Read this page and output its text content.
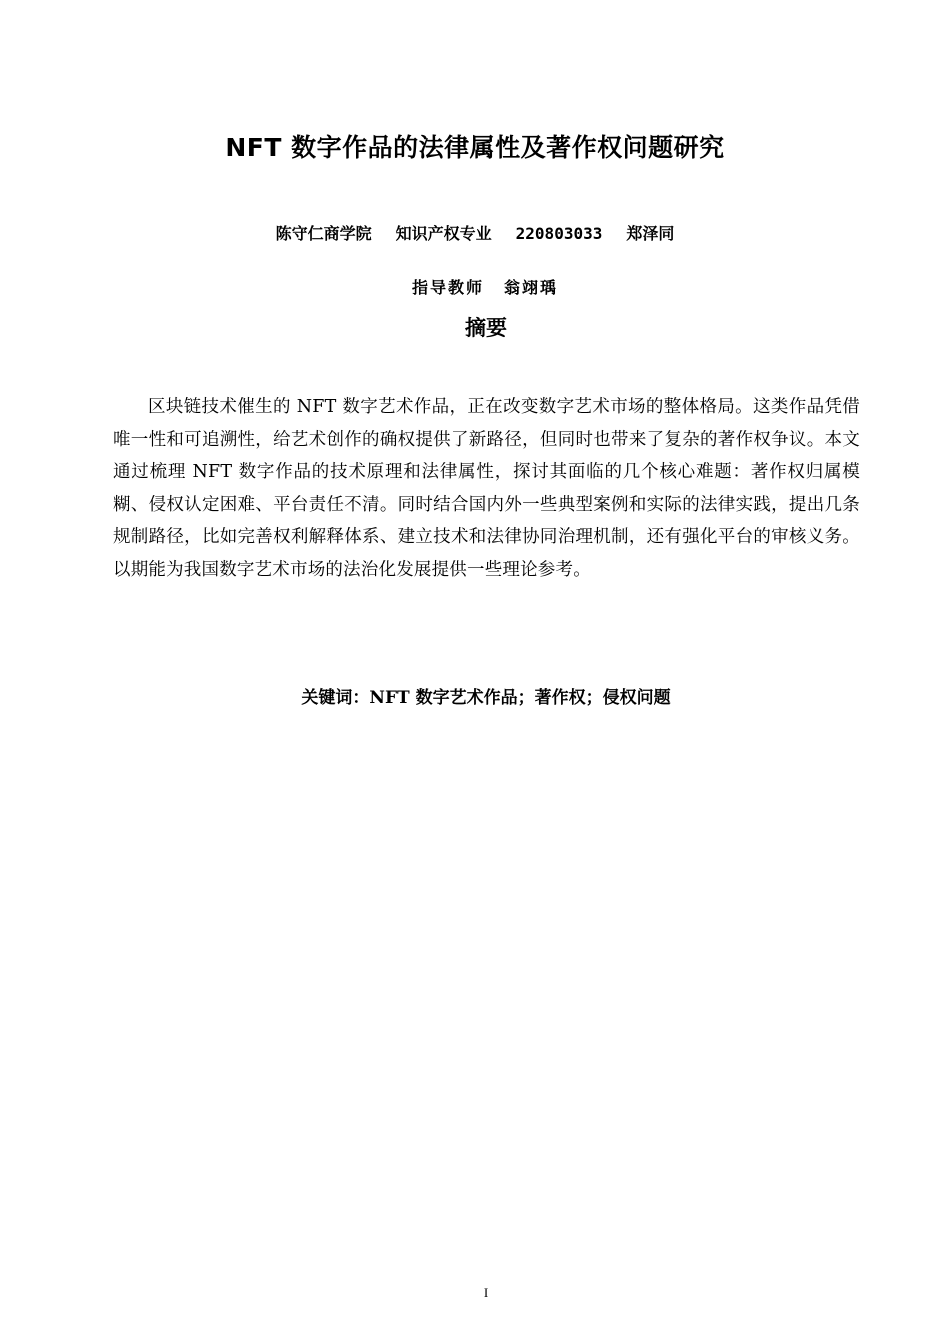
NFT 数字作品的法律属性及著作权问题研究
陈守仁商学院 知识产权专业 220803033 郑泽同
指导教师 翁翊瑀
摘要
区块链技术催生的 NFT 数字艺术作品，正在改变数字艺术市场的整体格局。这类作品凭借唯一性和可追溯性，给艺术创作的确权提供了新路径，但同时也带来了复杂的著作权争议。本文通过梳理 NFT 数字作品的技术原理和法律属性，探讨其面临的几个核心难题：著作权归属模糊、侵权认定困难、平台责任不清。同时结合国内外一些典型案例和实际的法律实践，提出几条规制路径，比如完善权利解释体系、建立技术和法律协同治理机制，还有强化平台的审核义务。以期能为我国数字艺术市场的法治化发展提供一些理论参考。
关键词：NFT 数字艺术作品；著作权；侵权问题
I
